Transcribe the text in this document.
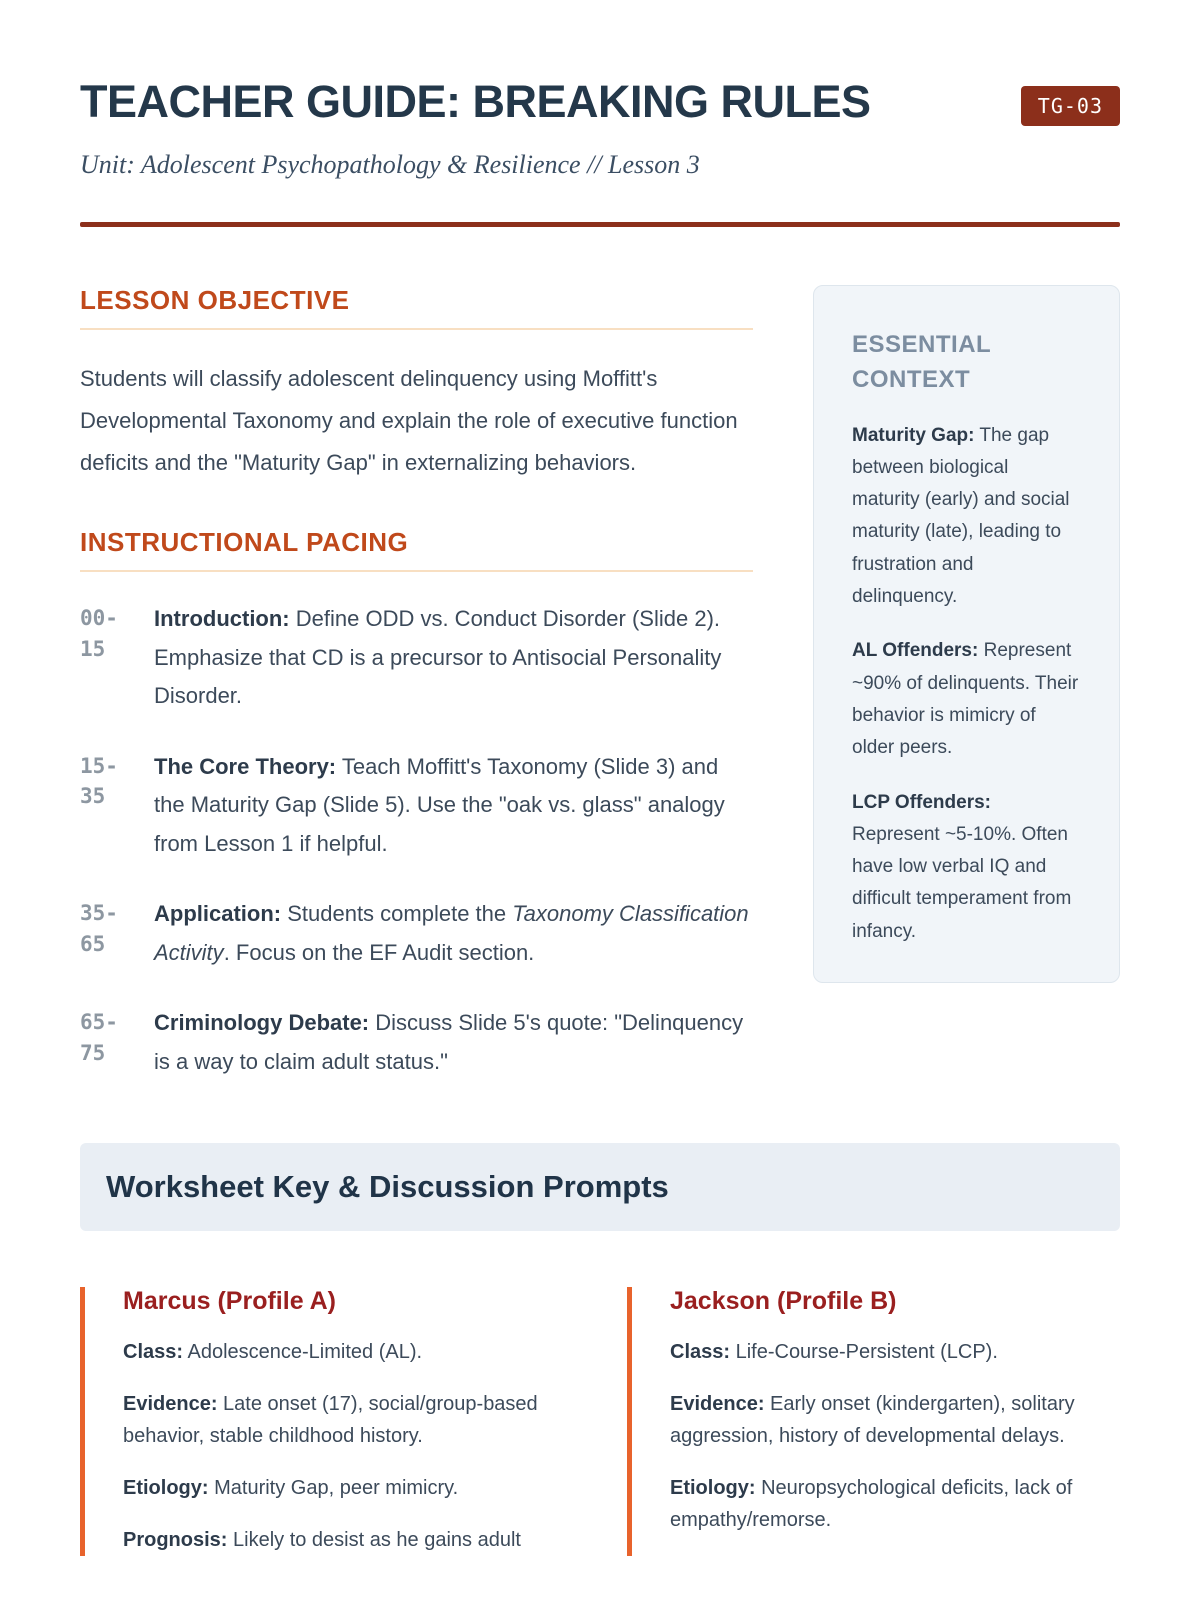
TEACHER GUIDE: BREAKING RULES	TG-03

Unit: Adolescent Psychopathology & Resilience // Lesson 3

LESSON OBJECTIVE

Students will classify adolescent delinquency using Moffitt's Developmental Taxonomy and explain the role of executive function deficits and the "Maturity Gap" in externalizing behaviors.

INSTRUCTIONAL PACING
00-
15

Introduction: Define ODD vs. Conduct Disorder (Slide 2). Emphasize that CD is a precursor to Antisocial Personality Disorder.

15-
35

The Core Theory: Teach Moffitt's Taxonomy (Slide 3) and the Maturity Gap (Slide 5). Use the "oak vs. glass" analogy from Lesson 1 if helpful.

35-
65

Application: Students complete the Taxonomy Classification Activity. Focus on the EF Audit section.

65-
75

Criminology Debate: Discuss Slide 5's quote: "Delinquency is a way to claim adult status."

ESSENTIAL CONTEXT

Maturity Gap: The gap between biological maturity (early) and social maturity (late), leading to frustration and delinquency.

AL Offenders: Represent ~90% of delinquents. Their behavior is mimicry of older peers.

LCP Offenders: Represent ~5-10%. Often have low verbal IQ and difficult temperament from infancy.

Worksheet Key & Discussion Prompts
Marcus (Profile A)

Class: Adolescence-Limited (AL).

Evidence: Late onset (17), social/group-based behavior, stable childhood history.

Etiology: Maturity Gap, peer mimicry.

Prognosis: Likely to desist as he gains adult

Jackson (Profile B)

Class: Life-Course-Persistent (LCP).

Evidence: Early onset (kindergarten), solitary aggression, history of developmental delays.

Etiology: Neuropsychological deficits, lack of empathy/remorse.
